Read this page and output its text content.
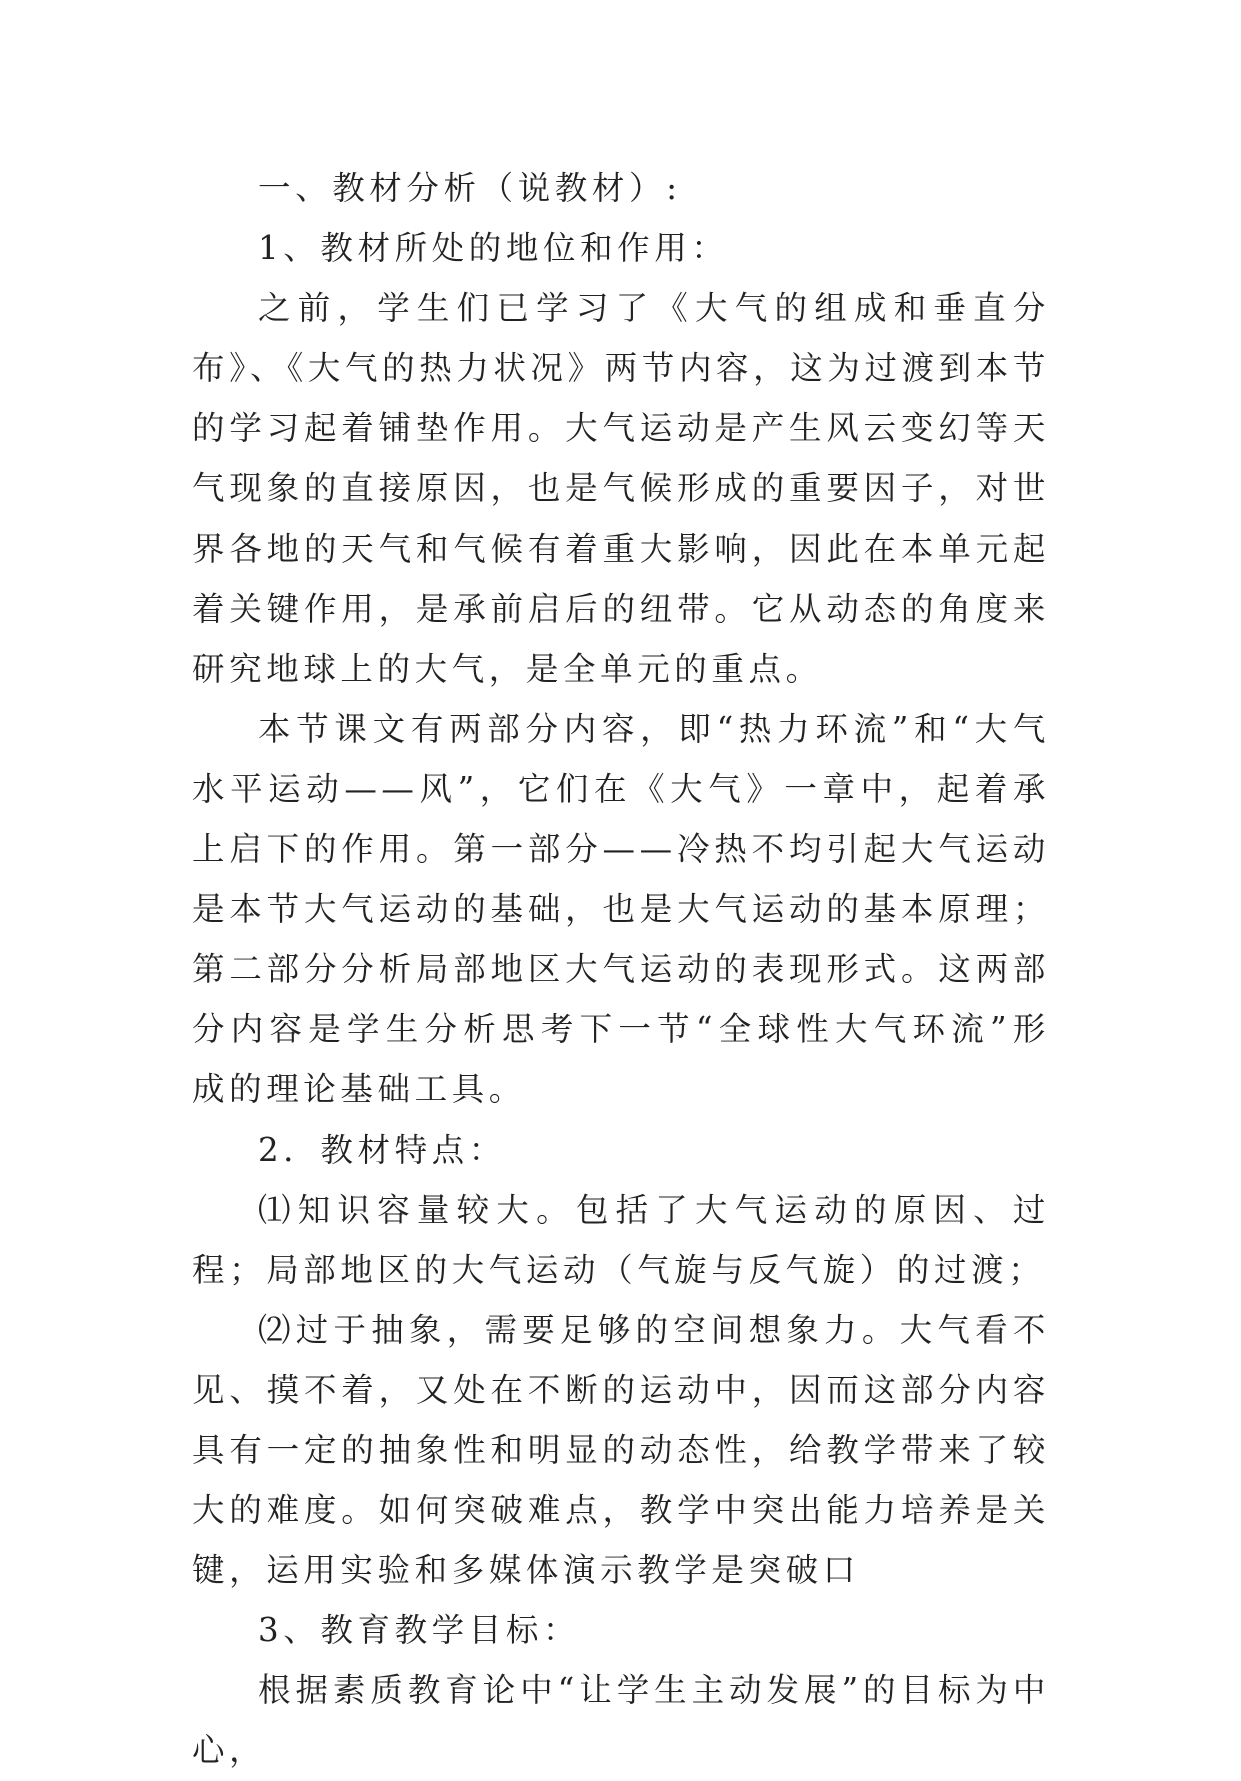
一、教材分析（说教材）:

1、教材所处的地位和作用：

之前，学生们已学习了《大气的组成和垂直分布》、《大气的热力状况》两节内容，这为过渡到本节的学习起着铺垫作用。大气运动是产生风云变幻等天气现象的直接原因，也是气候形成的重要因子，对世界各地的天气和气候有着重大影响，因此在本单元起着关键作用，是承前启后的纽带。它从动态的角度来研究地球上的大气，是全单元的重点。

本节课文有两部分内容，即“热力环流”和“大气水平运动——风”，它们在《大气》一章中，起着承上启下的作用。第一部分——冷热不均引起大气运动是本节大气运动的基础，也是大气运动的基本原理；第二部分分析局部地区大气运动的表现形式。这两部分内容是学生分析思考下一节“全球性大气环流”形成的理论基础工具。

2．教材特点：

⑴知识容量较大。包括了大气运动的原因、过程；局部地区的大气运动（气旋与反气旋）的过渡；

⑵过于抽象，需要足够的空间想象力。大气看不见、摸不着，又处在不断的运动中，因而这部分内容具有一定的抽象性和明显的动态性，给教学带来了较大的难度。如何突破难点，教学中突出能力培养是关键，运用实验和多媒体演示教学是突破口

3、教育教学目标：

根据素质教育论中“让学生主动发展”的目标为中心，
